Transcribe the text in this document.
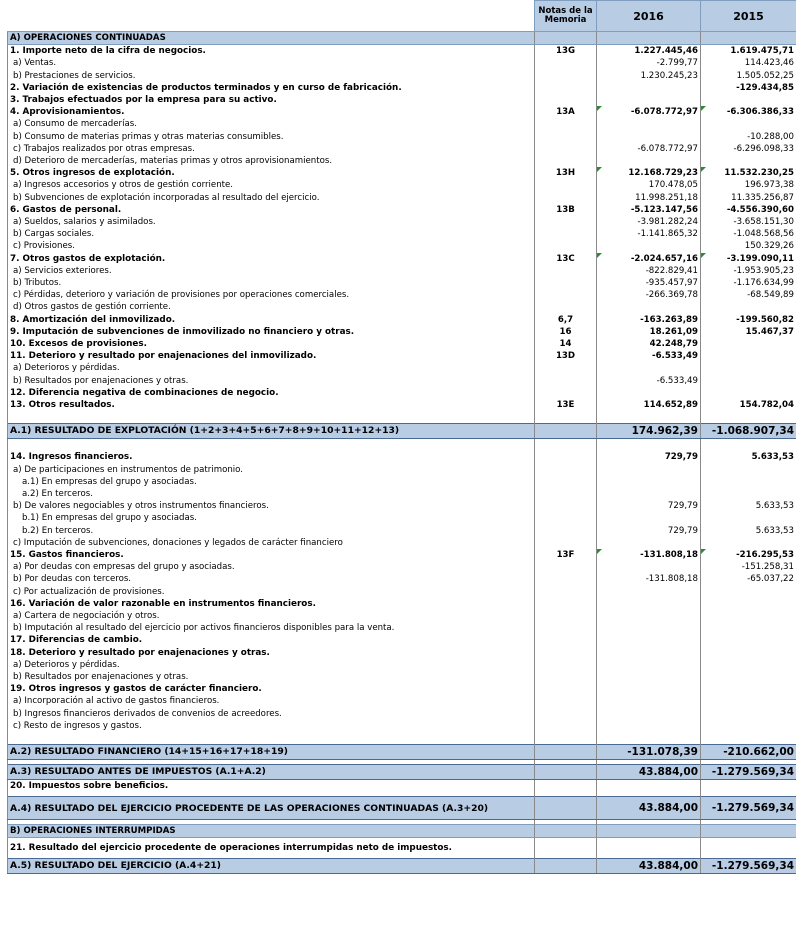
	Notas de la Memoria	2016	2015
A) OPERACIONES CONTINUADAS			
1. Importe neto de la cifra de negocios.	13G	1.227.445,46	1.619.475,71
a) Ventas.		-2.799,77	114.423,46
b) Prestaciones de servicios.		1.230.245,23	1.505.052,25
2. Variación de existencias de productos terminados y en curso de fabricación.			-129.434,85
3. Trabajos efectuados por la empresa para su activo.			
4. Aprovisionamientos.	13A	-6.078.772,97	-6.306.386,33
a) Consumo de mercaderías.			
b) Consumo de materias primas y otras materias consumibles.			-10.288,00
c) Trabajos realizados por otras empresas.		-6.078.772,97	-6.296.098,33
d) Deterioro de mercaderías, materias primas y otros aprovisionamientos.			
5. Otros ingresos de explotación.	13H	12.168.729,23	11.532.230,25
a) Ingresos accesorios y otros de gestión corriente.		170.478,05	196.973,38
b) Subvenciones de explotación incorporadas al resultado del ejercicio.		11.998.251,18	11.335.256,87
6. Gastos de personal.	13B	-5.123.147,56	-4.556.390,60
a) Sueldos, salarios y asimilados.		-3.981.282,24	-3.658.151,30
b) Cargas sociales.		-1.141.865,32	-1.048.568,56
c) Provisiones.			150.329,26
7. Otros gastos de explotación.	13C	-2.024.657,16	-3.199.090,11
a) Servicios exteriores.		-822.829,41	-1.953.905,23
b) Tributos.		-935.457,97	-1.176.634,99
c) Pérdidas, deterioro y variación de provisiones por operaciones comerciales.		-266.369,78	-68.549,89
d) Otros gastos de gestión corriente.			
8. Amortización del inmovilizado.	6,7	-163.263,89	-199.560,82
9. Imputación de subvenciones de inmovilizado no financiero y otras.	16	18.261,09	15.467,37
10. Excesos de provisiones.	14	42.248,79	
11. Deterioro y resultado por enajenaciones del inmovilizado.	13D	-6.533,49	
a) Deterioros y pérdidas.			
b) Resultados por enajenaciones y otras.		-6.533,49	
12. Diferencia negativa de combinaciones de negocio.			
13. Otros resultados.	13E	114.652,89	154.782,04

A.1) RESULTADO DE EXPLOTACIÓN (1+2+3+4+5+6+7+8+9+10+11+12+13)		174.962,39	-1.068.907,34

14. Ingresos financieros.		729,79	5.633,53
a) De participaciones en instrumentos de patrimonio.			
a.1) En empresas del grupo y asociadas.			
a.2) En terceros.			
b) De valores negociables y otros instrumentos financieros.		729,79	5.633,53
b.1) En empresas del grupo y asociadas.			
b.2) En terceros.		729,79	5.633,53
c) Imputación de subvenciones, donaciones y legados de carácter financiero			
15. Gastos financieros.	13F	-131.808,18	-216.295,53
a) Por deudas con empresas del grupo y asociadas.			-151.258,31
b) Por deudas con terceros.		-131.808,18	-65.037,22
c) Por actualización de provisiones.			
16. Variación de valor razonable en instrumentos financieros.			
a) Cartera de negociación y otros.			
b) Imputación al resultado del ejercicio por activos financieros disponibles para la venta.			
17. Diferencias de cambio.			
18. Deterioro y resultado por enajenaciones y otras.			
a) Deterioros y pérdidas.			
b) Resultados por enajenaciones y otras.			
19. Otros ingresos y gastos de carácter financiero.			
a) Incorporación al activo de gastos financieros.			
b) Ingresos financieros derivados de convenios de acreedores.			
c) Resto de ingresos y gastos.			

A.2) RESULTADO FINANCIERO (14+15+16+17+18+19)		-131.078,39	-210.662,00

A.3) RESULTADO ANTES DE IMPUESTOS (A.1+A.2)		43.884,00	-1.279.569,34
20. Impuestos sobre beneficios.			

A.4) RESULTADO DEL EJERCICIO PROCEDENTE DE LAS OPERACIONES CONTINUADAS (A.3+20)		43.884,00	-1.279.569,34

B) OPERACIONES INTERRUMPIDAS			
21. Resultado del ejercicio procedente de operaciones interrumpidas neto de impuestos.			
A.5) RESULTADO DEL EJERCICIO (A.4+21)		43.884,00	-1.279.569,34
